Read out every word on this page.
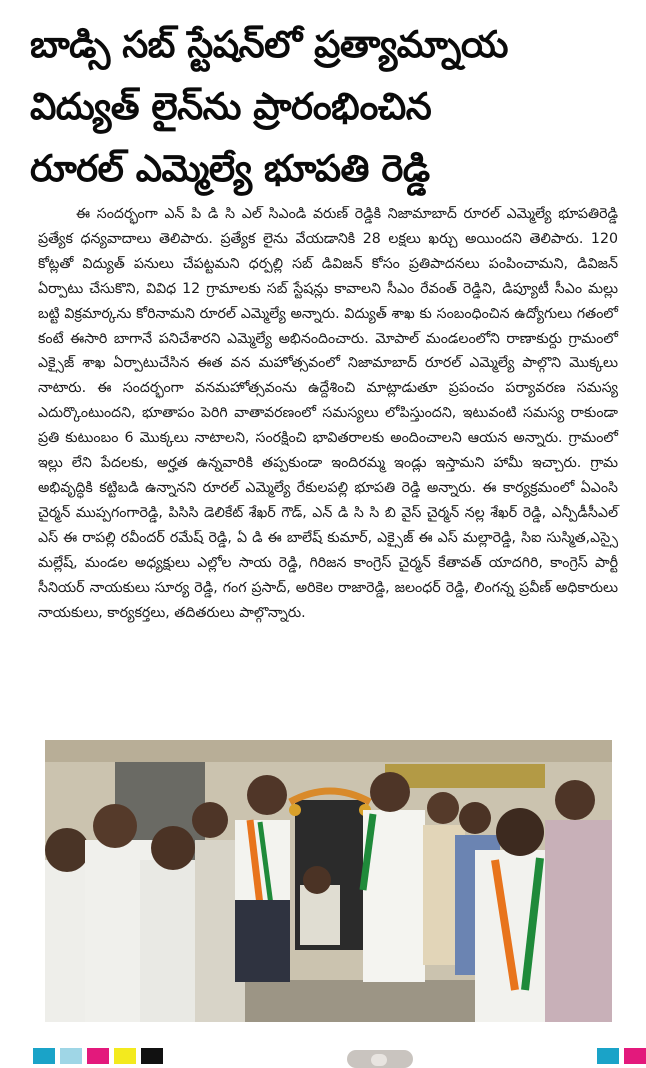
బాడ్సి సబ్ స్టేషన్‌లో ప్రత్యామ్నాయ
విద్యుత్ లైన్‌ను ప్రారంభించిన
రూరల్ ఎమ్మెల్యే భూపతి రెడ్డి
ఈ సందర్భంగా ఎన్ పి డి సి ఎల్ సిఎండి వరుణ్ రెడ్డికి నిజామాబాద్ రూరల్ ఎమ్మెల్యే భూపతిరెడ్డి ప్రత్యేక ధన్యవాదాలు తెలిపారు. ప్రత్యేక లైను వేయడానికి 28 లక్షలు ఖర్చు అయిందని తెలిపారు. 120 కోట్లతో విద్యుత్ పనులు చేపట్టమని ధర్పల్లి సబ్ డివిజన్ కోసం ప్రతిపాదనలు పంపించామని, డివిజన్ ఏర్పాటు చేసుకొని, వివిధ 12 గ్రామాలకు సబ్ స్టేషన్లు కావాలని సీఎం రేవంత్ రెడ్డిని, డిప్యూటీ సీఎం మల్లు బట్టి విక్రమార్కను కోరినామని రూరల్ ఎమ్మెల్యే అన్నారు. విద్యుత్ శాఖ కు సంబంధించిన ఉద్యోగులు గతంలో కంటే ఈసారి బాగానే పనిచేశారని ఎమ్మెల్యే అభినందించారు. మోపాల్ మండలంలోని రాణాకుర్దు గ్రామంలో ఎక్సైజ్ శాఖ ఏర్పాటుచేసిన ఈత వన మహోత్సవంలో నిజామాబాద్ రూరల్ ఎమ్మెల్యే పాల్గొని మొక్కలు నాటారు. ఈ సందర్భంగా వనమహోత్సవంను ఉద్దేశించి మాట్లాడుతూ ప్రపంచం పర్యావరణ సమస్య ఎదుర్కొంటుందని, భూతాపం పెరిగి వాతావరణంలో సమస్యలు లోపిస్తుందని, ఇటువంటి సమస్య రాకుండా ప్రతి కుటుంబం 6 మొక్కలు నాటాలని, సంరక్షించి భావితరాలకు అందించాలని ఆయన అన్నారు. గ్రామంలో ఇల్లు లేని పేదలకు, అర్హత ఉన్నవారికి తప్పకుండా ఇందిరమ్మ ఇండ్లు ఇస్తామని హామీ ఇచ్చారు. గ్రామ అభివృద్ధికి కట్టిబడి ఉన్నానని రూరల్ ఎమ్మెల్యే రేకులపల్లి భూపతి రెడ్డి అన్నారు. ఈ కార్యక్రమంలో ఏఎంసి చైర్మన్ ముప్పగంగారెడ్డి, పిసిసి డెలికేట్ శేఖర్ గౌడ్, ఎన్ డి సి సి బి వైస్ చైర్మన్ నల్ల శేఖర్ రెడ్డి, ఎన్పీడీసీఎల్ ఎస్ ఈ రాపల్లి రవీందర్ రమేష్ రెడ్డి, ఏ డి ఈ బాలేష్ కుమార్, ఎక్సైజ్ ఈ ఎస్ మల్లారెడ్డి, సిఐ సుస్మిత,ఎస్సై మల్లేష్, మండల అధ్యక్షులు ఎల్లోల సాయ రెడ్డి, గిరిజన కాంగ్రెస్ చైర్మన్ కేతావత్ యాదగిరి, కాంగ్రెస్ పార్టీ సీనియర్ నాయకులు సూర్య రెడ్డి, గంగ ప్రసాద్, అరికెల రాజారెడ్డి, జలంధర్ రెడ్డి, లింగన్న ప్రవీణ్ అధికారులు నాయకులు, కార్యకర్తలు, తదితరులు పాల్గొన్నారు.
